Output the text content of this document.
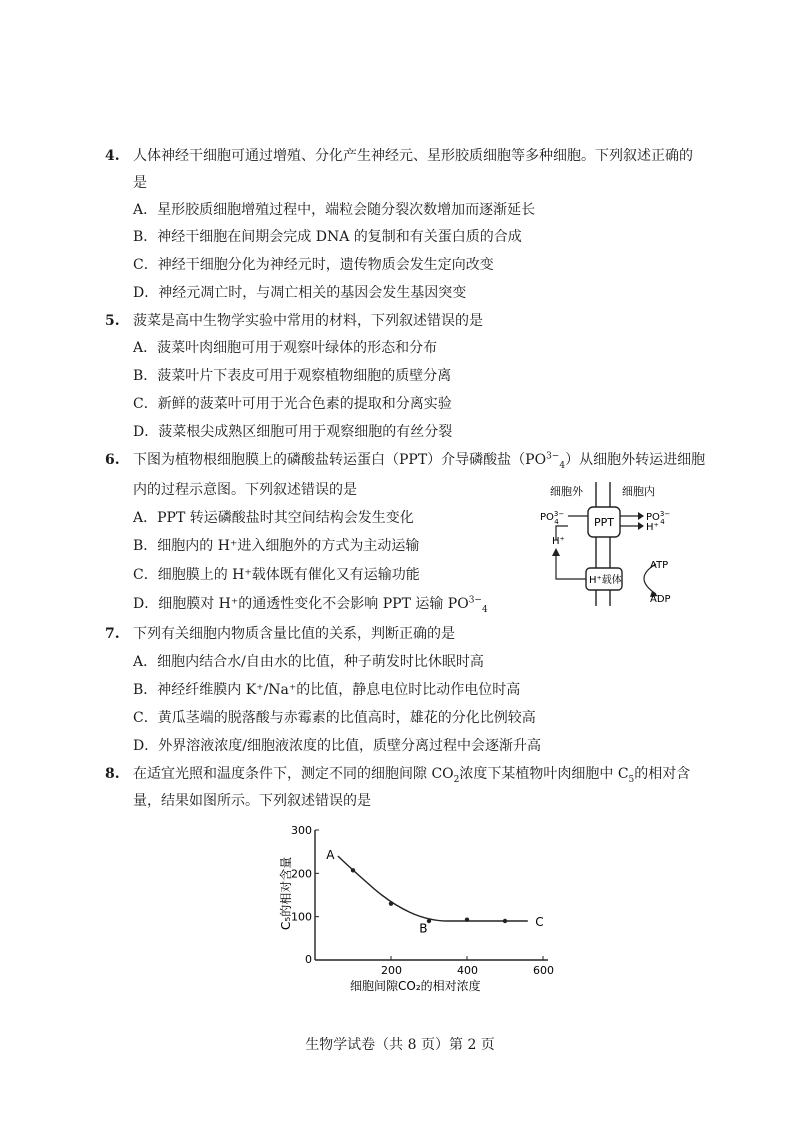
4. 人体神经干细胞可通过增殖、分化产生神经元、星形胶质细胞等多种细胞。下列叙述正确的
是
A．星形胶质细胞增殖过程中，端粒会随分裂次数增加而逐渐延长
B．神经干细胞在间期会完成 DNA 的复制和有关蛋白质的合成
C．神经干细胞分化为神经元时，遗传物质会发生定向改变
D．神经元凋亡时，与凋亡相关的基因会发生基因突变
5. 菠菜是高中生物学实验中常用的材料，下列叙述错误的是
A．菠菜叶肉细胞可用于观察叶绿体的形态和分布
B．菠菜叶片下表皮可用于观察植物细胞的质壁分离
C．新鲜的菠菜叶可用于光合色素的提取和分离实验
D．菠菜根尖成熟区细胞可用于观察细胞的有丝分裂
6. 下图为植物根细胞膜上的磷酸盐转运蛋白（PPT）介导磷酸盐$(PO^{3-}_4)$从细胞外转运进细胞
内的过程示意图。下列叙述错误的是
A．PPT 转运磷酸盐时其空间结构会发生变化
B．细胞内的 H⁺进入细胞外的方式为主动运输
C．细胞膜上的 H⁺载体既有催化又有运输功能
D．细胞膜对 H⁺的通透性变化不会影响 PPT 运输 $PO^{3-}_4$
细胞外	细胞内
PPT
$PO^{3-}$ 4	$PO^{3-}$ 4
H⁺
H⁺载体
H⁺
ATP
ADP
7. 下列有关细胞内物质含量比值的关系，判断正确的是
A．细胞内结合水/自由水的比值，种子萌发时比休眠时高
B．神经纤维膜内 K⁺/Na⁺的比值，静息电位时比动作电位时高
C．黄瓜茎端的脱落酸与赤霉素的比值高时，雄花的分化比例较高
D．外界溶液浓度/细胞液浓度的比值，质壁分离过程中会逐渐升高
8. 在适宜光照和温度条件下，测定不同的细胞间隙 $CO_2$浓度下某植物叶肉细胞中 $C_5$的相对含
量，结果如图所示。下列叙述错误的是
C₅的相对含量
细胞间隙CO₂的相对浓度
0
200	400	600
100
200
300
A
B	C
生物学试卷（共 8 页）第 2 页
